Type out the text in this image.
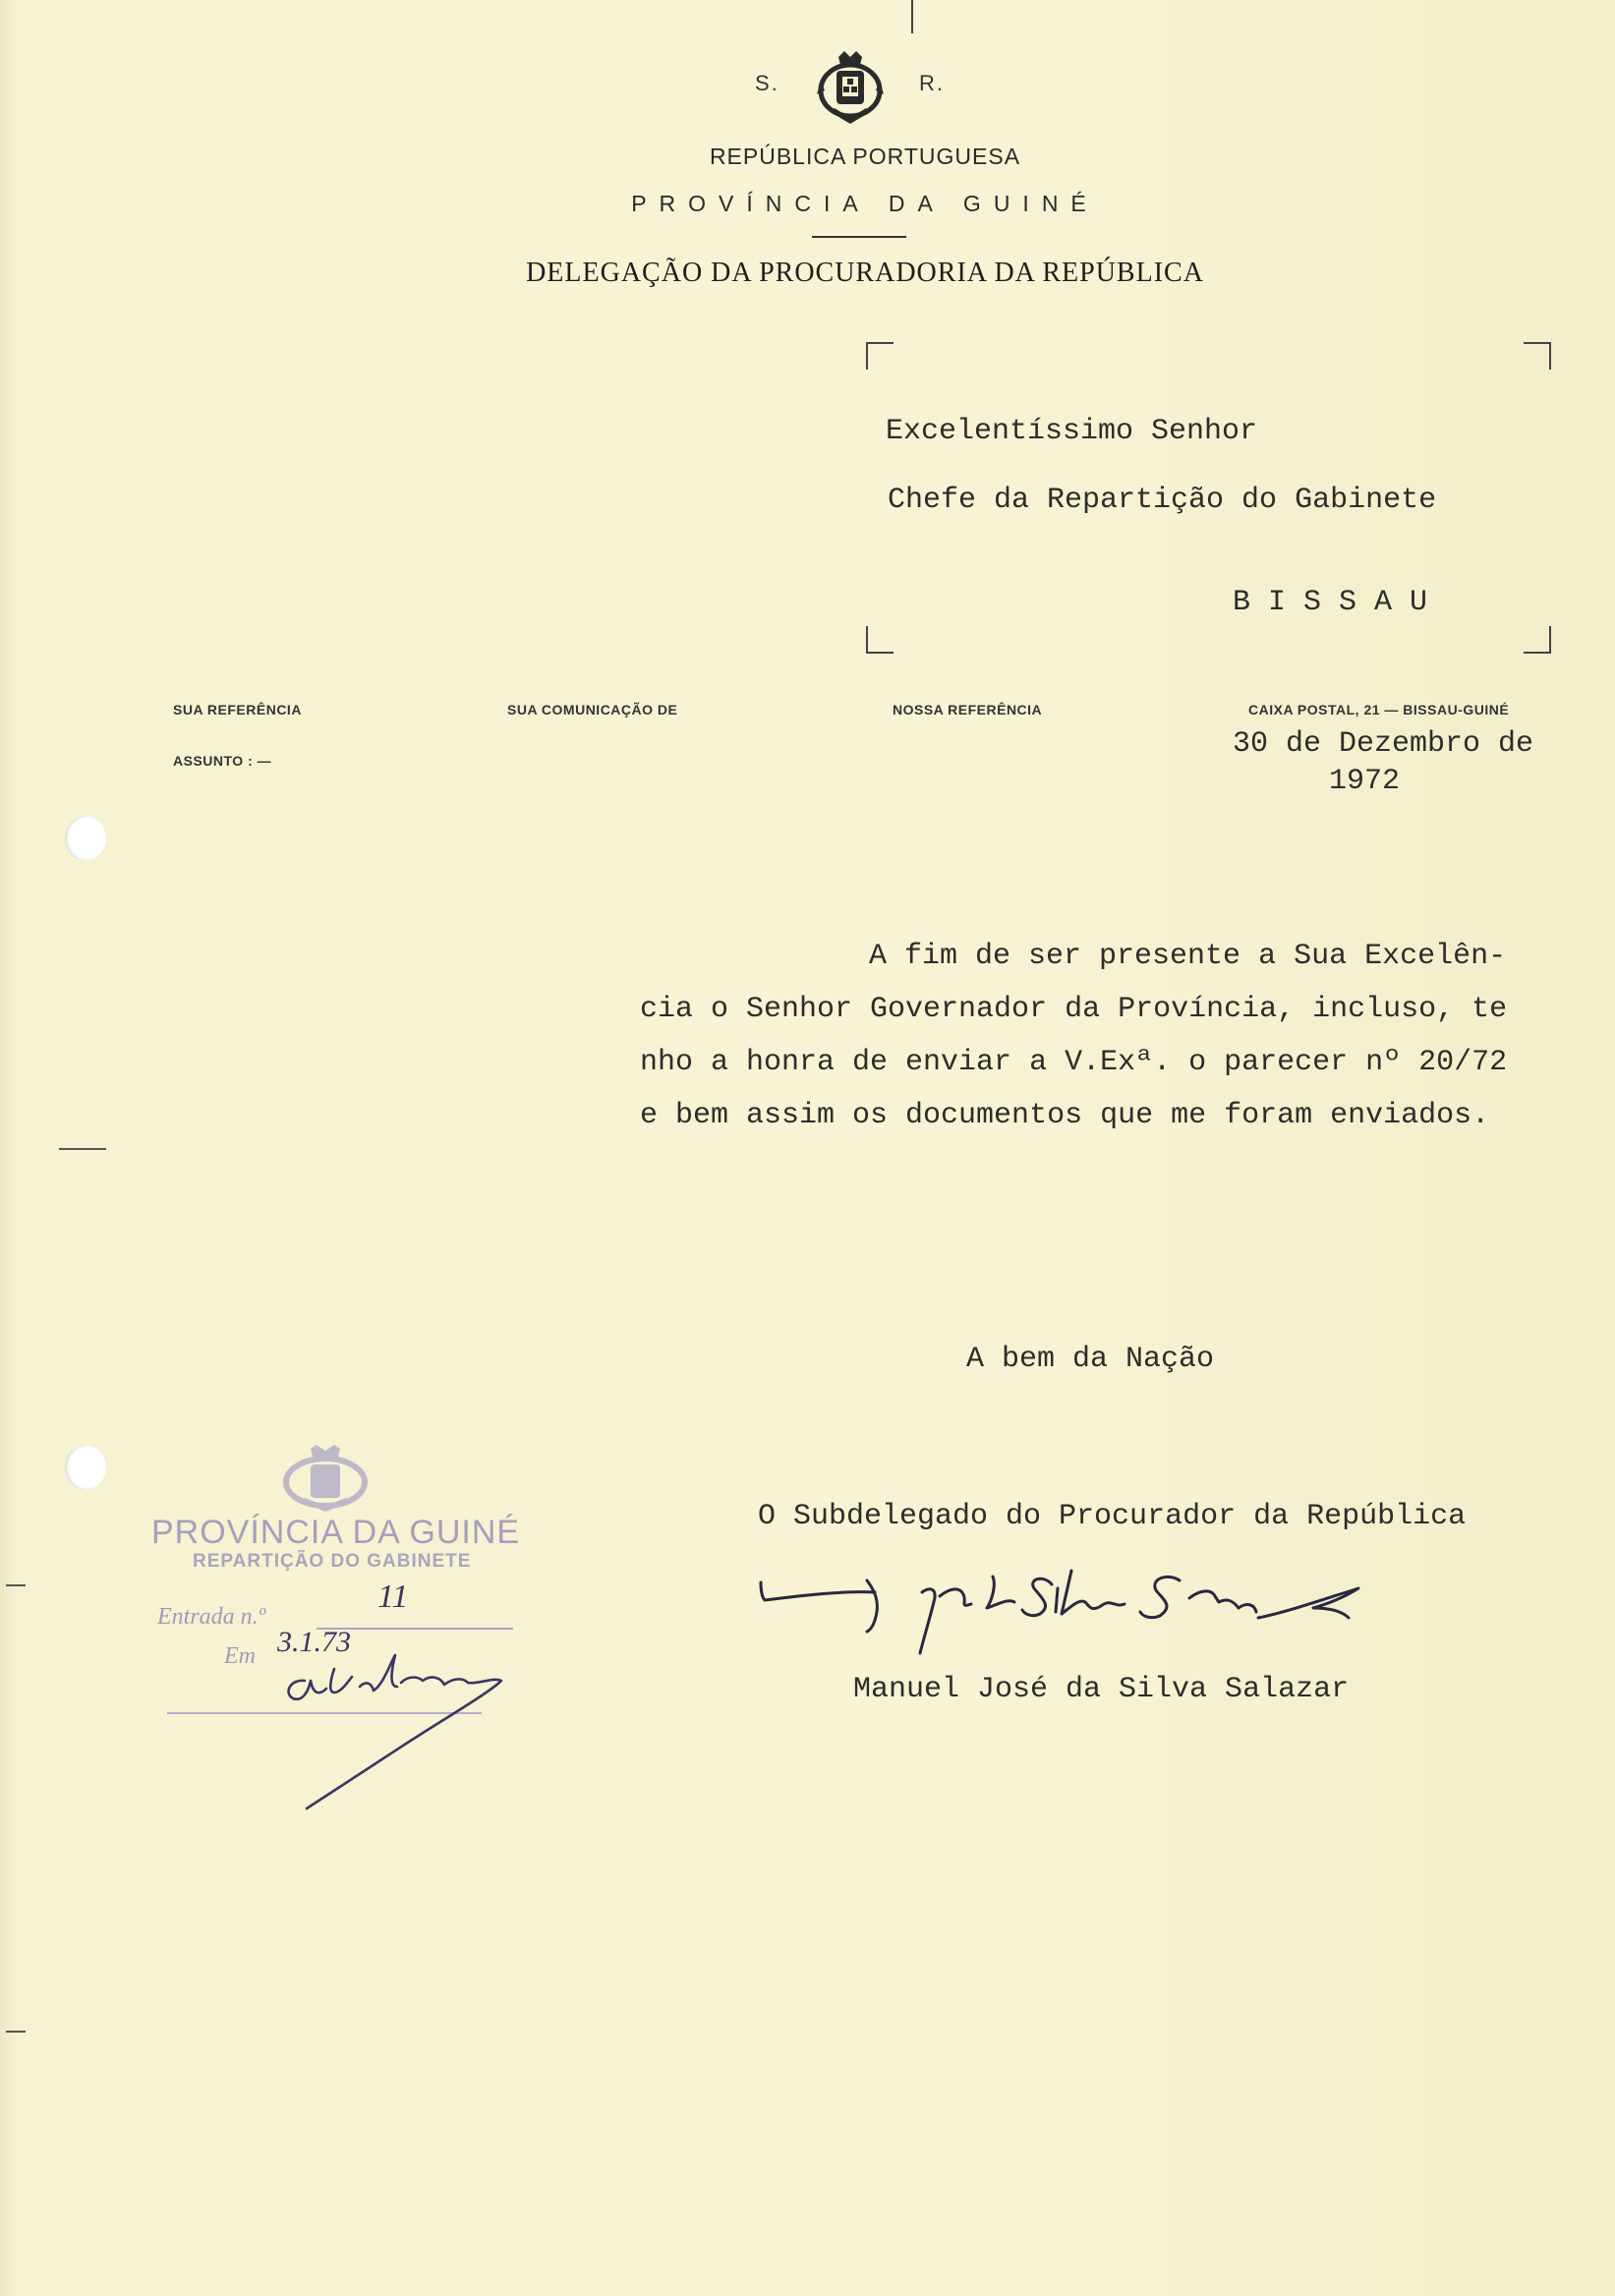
S.	R.
REPÚBLICA PORTUGUESA
PROVÍNCIA DA GUINÉ
DELEGAÇÃO DA PROCURADORIA DA REPÚBLICA
Excelentíssimo Senhor
Chefe da Repartição do Gabinete
B I S S A U
SUA REFERÊNCIA	SUA COMUNICAÇÃO DE	NOSSA REFERÊNCIA	CAIXA POSTAL, 21 — BISSAU-GUINÉ
ASSUNTO : —	30 de Dezembro de
1972
A fim de ser presente a Sua Excelên-
cia o Senhor Governador da Província, incluso, te
nho a honra de enviar a V.Exª. o parecer nº 20/72
e bem assim os documentos que me foram enviados.
A bem da Nação
O Subdelegado do Procurador da República
Manuel José da Silva Salazar
PROVÍNCIA DA GUINÉ
REPARTIÇÃO DO GABINETE
Entrada n.º
11
Em 3.1.73
